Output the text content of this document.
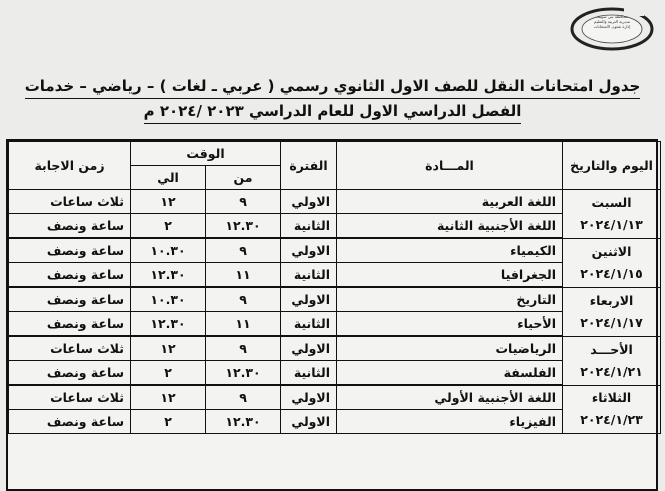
محافظة بني سويف
مديرية التربية والتعليم
إدارة شئون الامتحانات
جدول امتحانات النقل للصف الاول الثانوي رسمي ( عربي ـ لغات ) – رياضي – خدمات
الفصل الدراسي الاول للعام الدراسي ٢٠٢٣ /٢٠٢٤ م
اليوم والتاريخ	المـــادة	الفترة	الوقت		زمن الاجابة
			من	الي	

السبت
٢٠٢٤/١/١٣	اللغة العربية	الاولي	٩	١٢	ثلاث ساعات
	اللغة الأجنبية الثانية	الثانية	١٢.٣٠	٢	ساعة ونصف

الاثنين
٢٠٢٤/١/١٥	الكيمياء	الاولي	٩	١٠.٣٠	ساعة ونصف
	الجغرافيا	الثانية	١١	١٢.٣٠	ساعة ونصف

الاربعاء
٢٠٢٤/١/١٧	التاريخ	الاولي	٩	١٠.٣٠	ساعة ونصف
	الأحياء	الثانية	١١	١٢.٣٠	ساعة ونصف

الأحـــد
٢٠٢٤/١/٢١	الرياضيات	الاولي	٩	١٢	ثلاث ساعات
	الفلسفة	الثانية	١٢.٣٠	٢	ساعة ونصف

الثلاثاء
٢٠٢٤/١/٢٣	اللغة الأجنبية الأولي	الاولي	٩	١٢	ثلاث ساعات
	الفيزياء	الاولي	١٢.٣٠	٢	ساعة ونصف
